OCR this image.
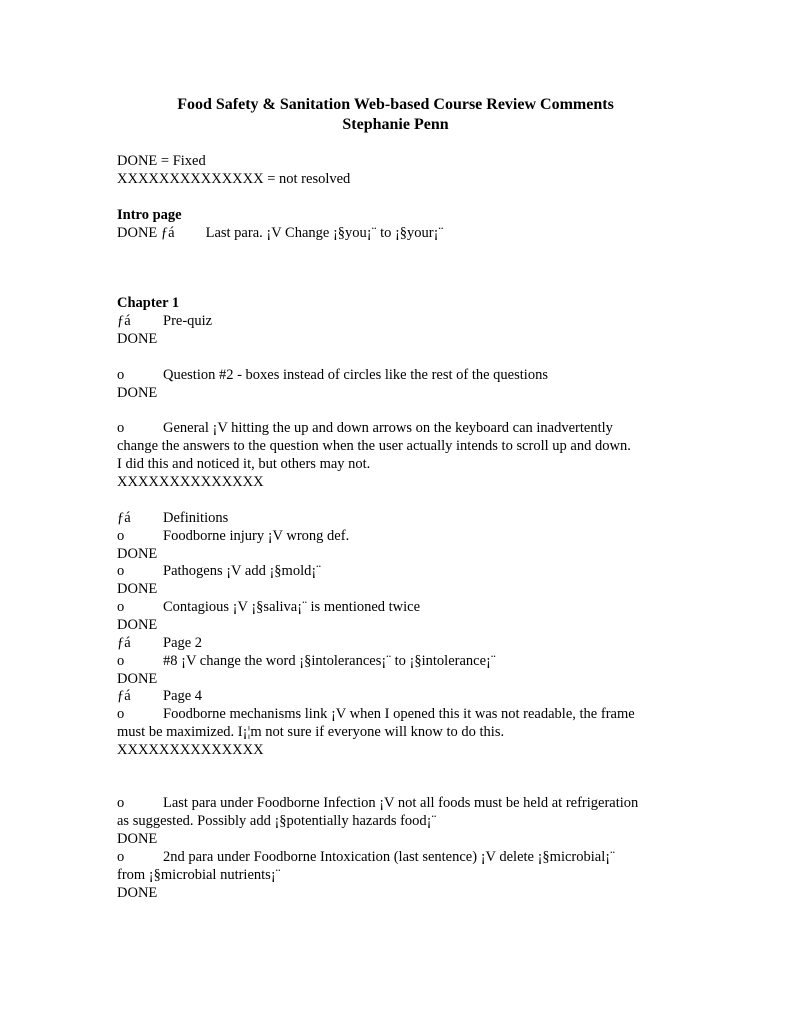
Food Safety & Sanitation Web-based Course Review Comments
Stephanie Penn
DONE = Fixed
XXXXXXXXXXXXXX = not resolved
Intro page
DONE ƒá Last para. ¡V Change ¡§you¡¨ to ¡§your¡¨
Chapter 1
ƒá Pre-quiz
DONE
o	Question #2 - boxes instead of circles like the rest of the questions
DONE
o	General ¡V hitting the up and down arrows on the keyboard can inadvertently
change the answers to the question when the user actually intends to scroll up and down.
I did this and noticed it, but others may not.
XXXXXXXXXXXXXX
ƒá Definitions
o	Foodborne injury ¡V wrong def.
DONE
o	Pathogens ¡V add ¡§mold¡¨
DONE
o	Contagious ¡V ¡§saliva¡¨ is mentioned twice
DONE
ƒá Page 2
o	#8 ¡V change the word ¡§intolerances¡¨ to ¡§intolerance¡¨
DONE
ƒá Page 4
o	Foodborne mechanisms link ¡V when I opened this it was not readable, the frame
must be maximized. I¡¦m not sure if everyone will know to do this.
XXXXXXXXXXXXXX
o	Last para under Foodborne Infection ¡V not all foods must be held at refrigeration
as suggested. Possibly add ¡§potentially hazards food¡¨
DONE
o	2nd para under Foodborne Intoxication (last sentence) ¡V delete ¡§microbial¡¨
from ¡§microbial nutrients¡¨
DONE
